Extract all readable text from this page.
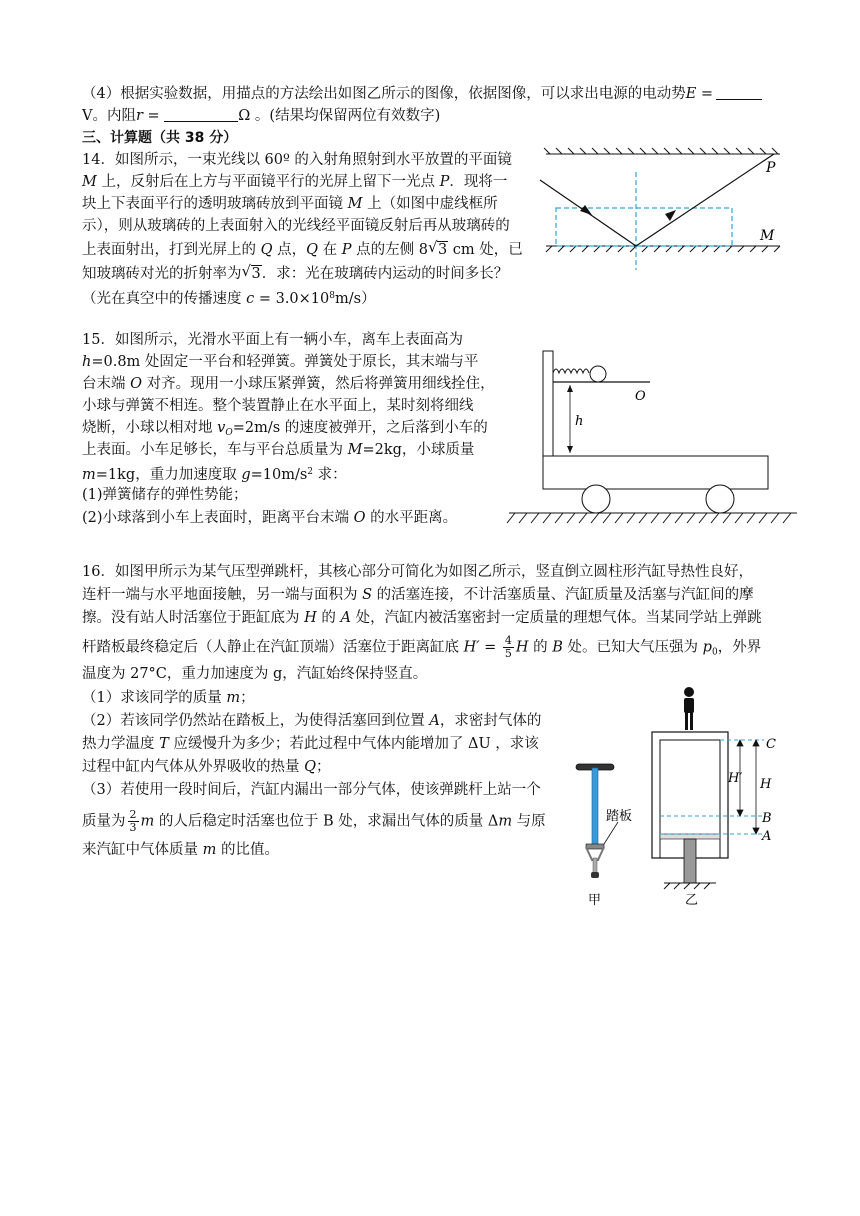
（4）根据实验数据，用描点的方法绘出如图乙所示的图像，依据图像，可以求出电源的电动势E =
V。内阻r =	Ω 。(结果均保留两位有效数字)
三、计算题（共 38 分）
14．如图所示，一束光线以 60º 的入射角照射到水平放置的平面镜
M 上，反射后在上方与平面镜平行的光屏上留下一光点 P．现将一
块上下表面平行的透明玻璃砖放到平面镜 M 上（如图中虚线框所
示），则从玻璃砖的上表面射入的光线经平面镜反射后再从玻璃砖的
上表面射出，打到光屏上的 Q 点，Q 在 P 点的左侧 8 √ 3 cm 处，已
知玻璃砖对光的折射率为 √ 3．求：光在玻璃砖内运动的时间多长？
（光在真空中的传播速度 $c = 3.0\times 10^8m/s$）
P
M
15．如图所示，光滑水平面上有一辆小车，离车上表面高为
h=0.8m 处固定一平台和轻弹簧。弹簧处于原长，其末端与平
台末端 O 对齐。现用一小球压紧弹簧，然后将弹簧用细线拴住，
小球与弹簧不相连。整个装置静止在水平面上，某时刻将细线
烧断，小球以相对地 $v_O=2m/s$ 的速度被弹开，之后落到小车的
上表面。小车足够长，车与平台总质量为 M=2kg，小球质量
m=1kg，重力加速度取 $g=10m/s^2$ 求：
(1)弹簧储存的弹性势能；
(2)小球落到小车上表面时，距离平台末端 O 的水平距离。
h
O
16．如图甲所示为某气压型弹跳杆，其核心部分可简化为如图乙所示，竖直倒立圆柱形汽缸导热性良好，
连杆一端与水平地面接触，另一端与面积为 S 的活塞连接，不计活塞质量、汽缸质量及活塞与汽缸间的摩
擦。没有站人时活塞位于距缸底为 H 的 A 处，汽缸内被活塞密封一定质量的理想气体。当某同学站上弹跳
杆踏板最终稳定后（人静止在汽缸顶端）活塞位于距离缸底 $H' = \frac{4}{5}$ H 的 B 处。已知大气压强为 $p_0$，外界
温度为 27°C，重力加速度为 g，汽缸始终保持竖直。
（1）求该同学的质量 m；
（2）若该同学仍然站在踏板上，为使得活塞回到位置 A，求密封气体的
热力学温度 T 应缓慢升为多少；若此过程中气体内能增加了 ΔU ，求该
过程中缸内气体从外界吸收的热量 Q；
（3）若使用一段时间后，汽缸内漏出一部分气体，使该弹跳杆上站一个
质量为 $\frac{2}{3}$ m 的人后稳定时活塞也位于 B 处，求漏出气体的质量 Δm 与原
来汽缸中气体质量 m 的比值。
踏板
甲
C
H′ H
B
A
乙
